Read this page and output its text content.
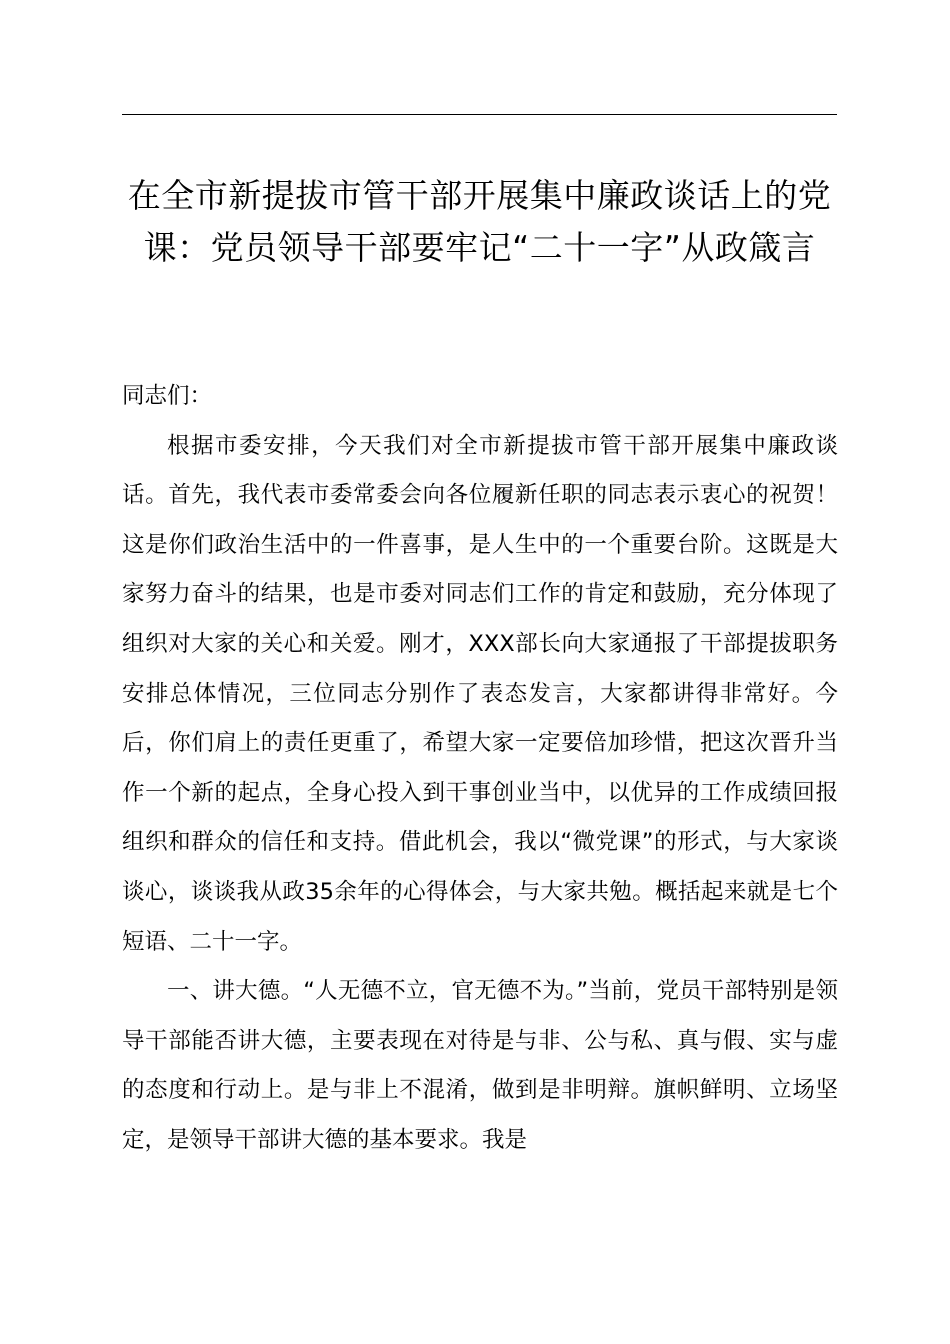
在全市新提拔市管干部开展集中廉政谈话上的党课：党员领导干部要牢记“二十一字”从政箴言

同志们：

根据市委安排，今天我们对全市新提拔市管干部开展集中廉政谈话。首先，我代表市委常委会向各位履新任职的同志表示衷心的祝贺！这是你们政治生活中的一件喜事，是人生中的一个重要台阶。这既是大家努力奋斗的结果，也是市委对同志们工作的肯定和鼓励，充分体现了组织对大家的关心和关爱。刚才，XXX部长向大家通报了干部提拔职务安排总体情况，三位同志分别作了表态发言，大家都讲得非常好。今后，你们肩上的责任更重了，希望大家一定要倍加珍惜，把这次晋升当作一个新的起点，全身心投入到干事创业当中，以优异的工作成绩回报组织和群众的信任和支持。借此机会，我以“微党课”的形式，与大家谈谈心，谈谈我从政35余年的心得体会，与大家共勉。概括起来就是七个短语、二十一字。

一、讲大德。“人无德不立，官无德不为。”当前，党员干部特别是领导干部能否讲大德，主要表现在对待是与非、公与私、真与假、实与虚的态度和行动上。是与非上不混淆，做到是非明辩。旗帜鲜明、立场坚定，是领导干部讲大德的基本要求。我是
